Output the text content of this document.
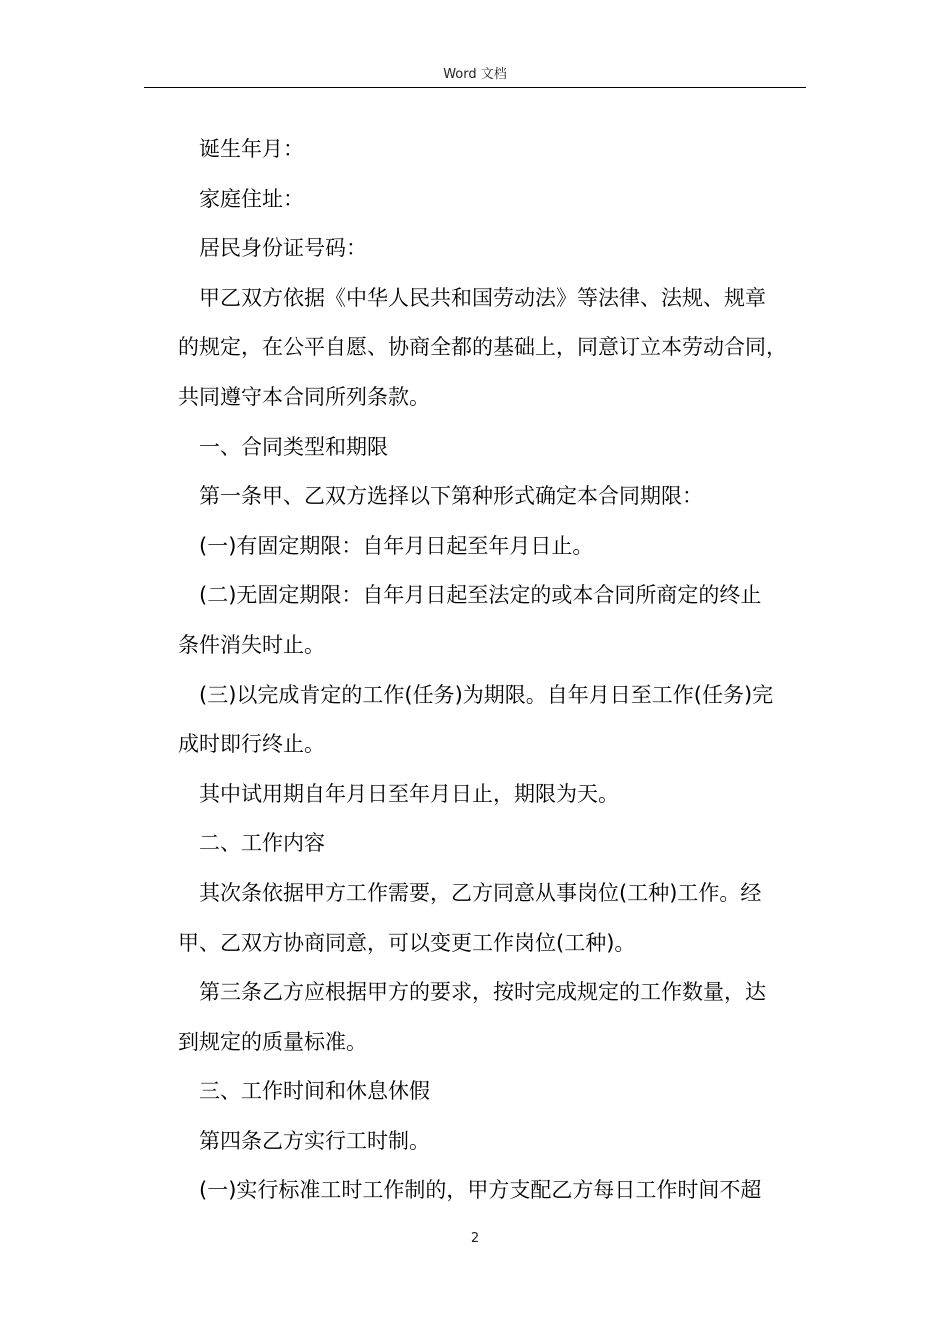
Word 文档

诞生年月：

家庭住址：

居民身份证号码：

甲乙双方依据《中华人民共和国劳动法》等法律、法规、规章

的规定，在公平自愿、协商全都的基础上，同意订立本劳动合同，

共同遵守本合同所列条款。

一、合同类型和期限

第一条甲、乙双方选择以下第种形式确定本合同期限：

(一)有固定期限：自年月日起至年月日止。

(二)无固定期限：自年月日起至法定的或本合同所商定的终止

条件消失时止。

(三)以完成肯定的工作(任务)为期限。自年月日至工作(任务)完

成时即行终止。

其中试用期自年月日至年月日止，期限为天。

二、工作内容

其次条依据甲方工作需要，乙方同意从事岗位(工种)工作。经

甲、乙双方协商同意，可以变更工作岗位(工种)。

第三条乙方应根据甲方的要求，按时完成规定的工作数量，达

到规定的质量标准。

三、工作时间和休息休假

第四条乙方实行工时制。

(一)实行标准工时工作制的，甲方支配乙方每日工作时间不超

2
